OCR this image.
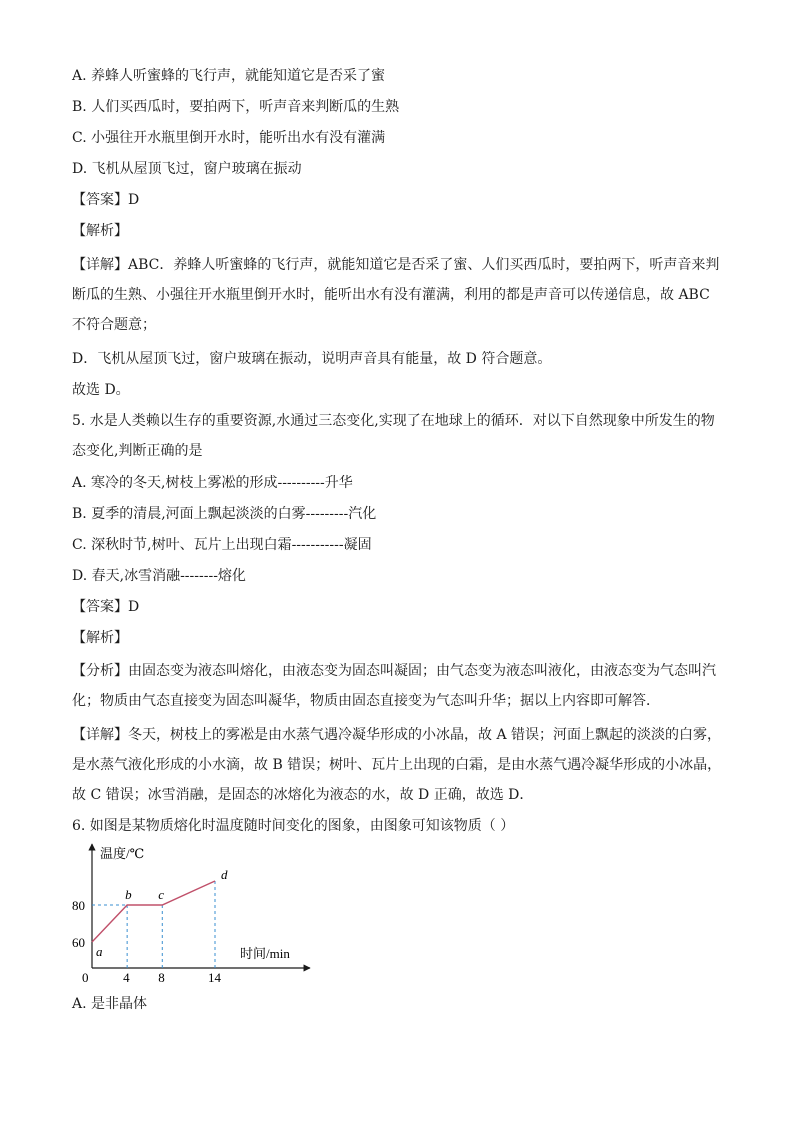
A. 养蜂人听蜜蜂的飞行声，就能知道它是否采了蜜
B. 人们买西瓜时，要拍两下，听声音来判断瓜的生熟
C. 小强往开水瓶里倒开水时，能听出水有没有灌满
D. 飞机从屋顶飞过，窗户玻璃在振动
【答案】D
【解析】
【详解】ABC．养蜂人听蜜蜂的飞行声，就能知道它是否采了蜜、人们买西瓜时，要拍两下，听声音来判
断瓜的生熟、小强往开水瓶里倒开水时，能听出水有没有灌满，利用的都是声音可以传递信息，故 ABC
不符合题意；
D．飞机从屋顶飞过，窗户玻璃在振动，说明声音具有能量，故 D 符合题意。
故选 D。
5. 水是人类赖以生存的重要资源,水通过三态变化,实现了在地球上的循环．对以下自然现象中所发生的物
态变化,判断正确的是
A. 寒冷的冬天,树枝上雾凇的形成----------升华
B. 夏季的清晨,河面上飘起淡淡的白雾---------汽化
C. 深秋时节,树叶、瓦片上出现白霜-----------凝固
D. 春天,冰雪消融--------熔化
【答案】D
【解析】
【分析】由固态变为液态叫熔化，由液态变为固态叫凝固；由气态变为液态叫液化，由液态变为气态叫汽
化；物质由气态直接变为固态叫凝华，物质由固态直接变为气态叫升华；据以上内容即可解答．
【详解】冬天，树枝上的雾凇是由水蒸气遇冷凝华形成的小冰晶，故 A 错误；河面上飘起的淡淡的白雾，
是水蒸气液化形成的小水滴，故 B 错误；树叶、瓦片上出现的白霜，是由水蒸气遇冷凝华形成的小冰晶，
故 C 错误；冰雪消融，是固态的冰熔化为液态的水，故 D 正确，故选 D．
6. 如图是某物质熔化时温度随时间变化的图象，由图象可知该物质（ ）
温度/℃
时间/min
0	4 8	14
60
80
a
b c
d
A. 是非晶体
